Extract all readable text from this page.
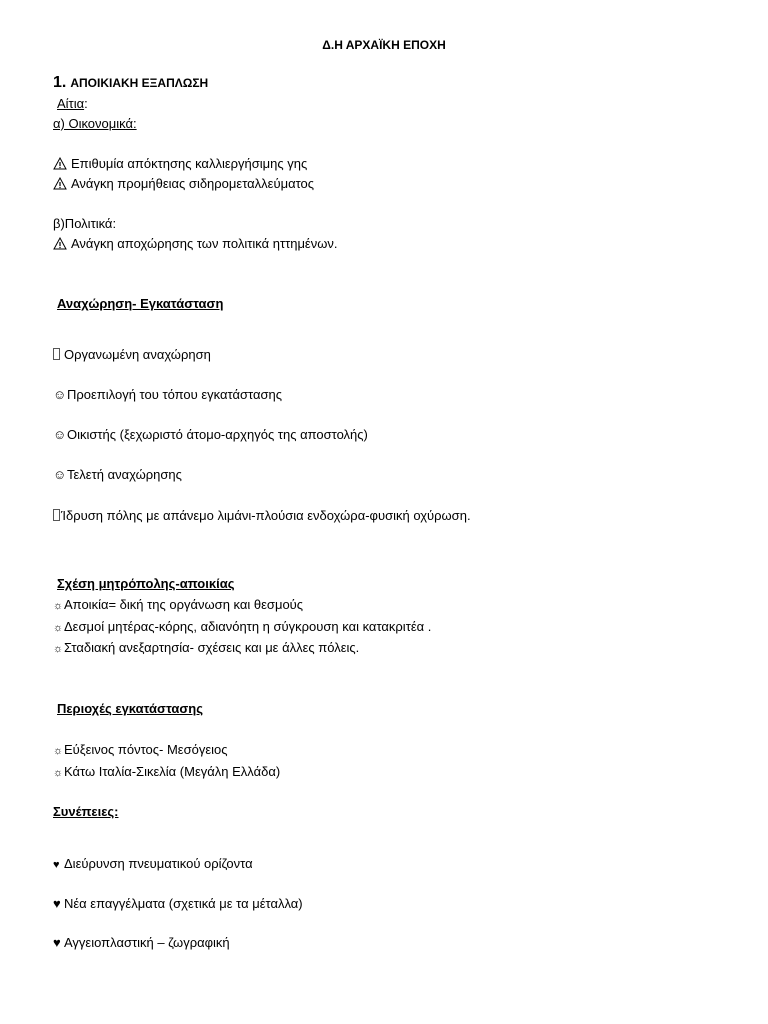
Δ.Η ΑΡΧΑΪΚΗ ΕΠΟΧΗ
1. ΑΠΟΙΚΙΑΚΗ ΕΞΑΠΛΩΣΗ
Αίτια:
α) Οικονομικά:
Επιθυμία απόκτησης καλλιεργήσιμης γης
Ανάγκη προμήθειας σιδηρομεταλλεύματος
β)Πολιτικά:
Ανάγκη αποχώρησης των πολιτικά ηττημένων.
Αναχώρηση- Εγκατάσταση
Οργανωμένη αναχώρηση
☺Προεπιλογή του τόπου εγκατάστασης
☺Οικιστής (ξεχωριστό άτομο-αρχηγός της αποστολής)
☺Τελετή αναχώρησης
Ίδρυση πόλης με απάνεμο λιμάνι-πλούσια ενδοχώρα-φυσική οχύρωση.
Σχέση μητρόπολης-αποικίας
☼Αποικία= δική της οργάνωση και θεσμούς
☼Δεσμοί μητέρας-κόρης, αδιανόητη η σύγκρουση και κατακριτέα .
☼Σταδιακή ανεξαρτησία- σχέσεις και με άλλες πόλεις.
Περιοχές εγκατάστασης
☼Εύξεινος πόντος- Μεσόγειος
☼Κάτω Ιταλία-Σικελία (Μεγάλη Ελλάδα)
Συνέπειες:
♥ Διεύρυνση πνευματικού ορίζοντα
♥ Νέα επαγγέλματα (σχετικά με τα μέταλλα)
♥ Αγγειοπλαστική – ζωγραφική
